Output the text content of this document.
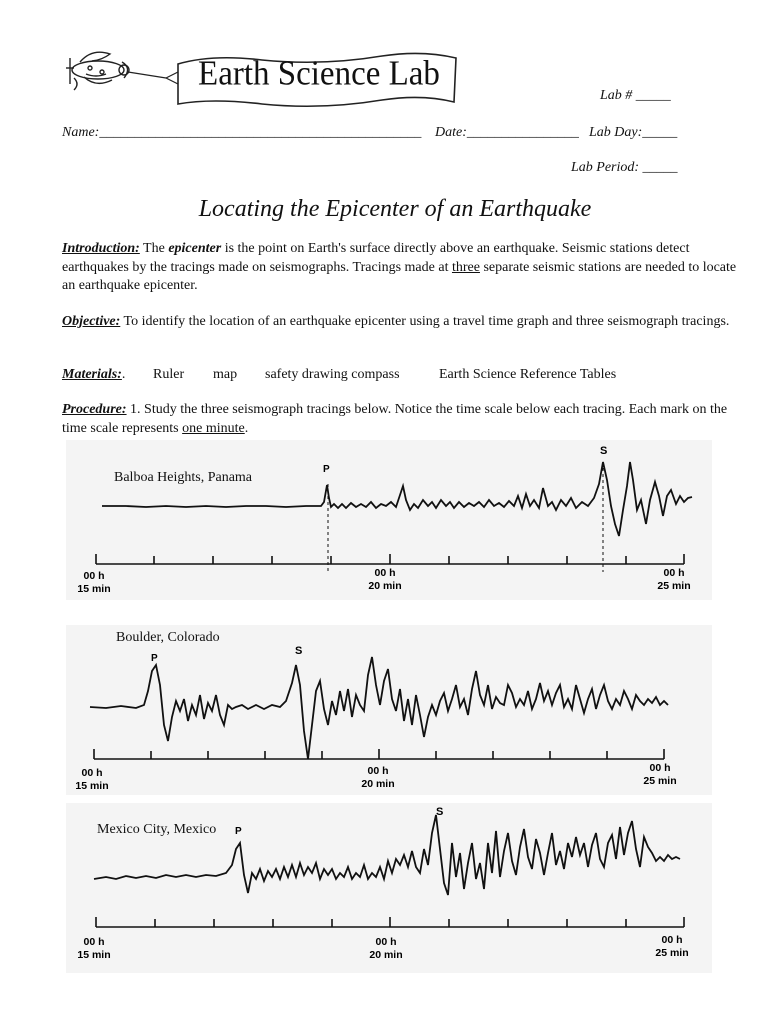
Earth Science Lab
Lab # _____
Name:______________________________________________ Date:________________ Lab Day:_____
Lab Period: _____
Locating the Epicenter of an Earthquake
Introduction: The epicenter is the point on Earth's surface directly above an earthquake. Seismic stations detect earthquakes by the tracings made on seismographs. Tracings made at three separate seismic stations are needed to locate an earthquake epicenter.
Objective: To identify the location of an earthquake epicenter using a travel time graph and three seismograph tracings.
Materials:. Ruler map safety drawing compass	Earth Science Reference Tables
Procedure: 1. Study the three seismograph tracings below. Notice the time scale below each tracing. Each mark on the time scale represents one minute.
Balboa Heights, Panama
P
S
00 h
15 min
00 h
20 min
00 h
25 min
Boulder, Colorado
P
S
00 h
15 min
00 h
20 min
00 h
25 min
Mexico City, Mexico P
S
00 h
15 min
00 h
20 min
00 h
25 min
